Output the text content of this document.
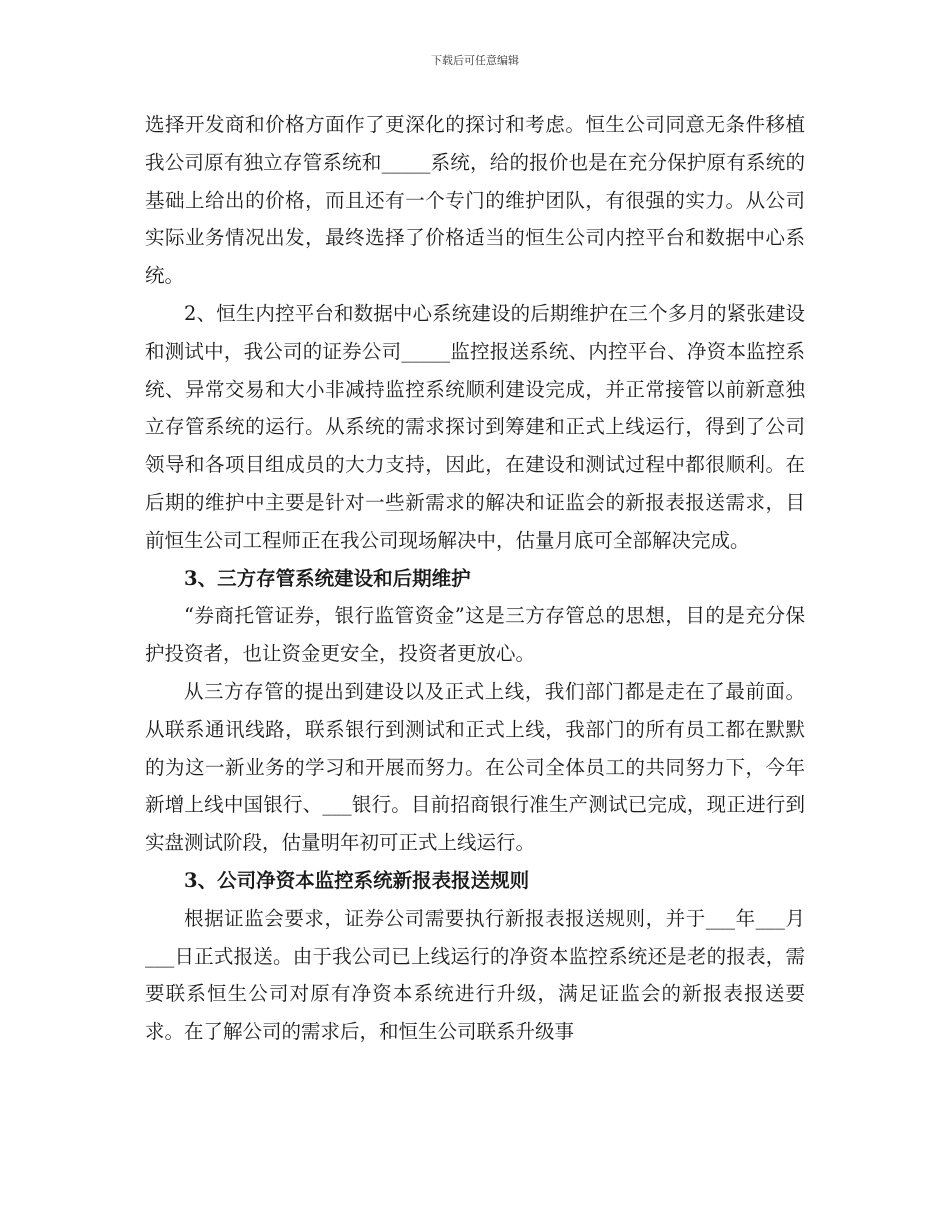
下载后可任意编辑

选择开发商和价格方面作了更深化的探讨和考虑。恒生公司同意无条件移植我公司原有独立存管系统和_____系统，给的报价也是在充分保护原有系统的基础上给出的价格，而且还有一个专门的维护团队，有很强的实力。从公司实际业务情况出发，最终选择了价格适当的恒生公司内控平台和数据中心系统。

2、恒生内控平台和数据中心系统建设的后期维护在三个多月的紧张建设和测试中，我公司的证券公司_____监控报送系统、内控平台、净资本监控系统、异常交易和大小非减持监控系统顺利建设完成，并正常接管以前新意独立存管系统的运行。从系统的需求探讨到筹建和正式上线运行，得到了公司领导和各项目组成员的大力支持，因此，在建设和测试过程中都很顺利。在后期的维护中主要是针对一些新需求的解决和证监会的新报表报送需求，目前恒生公司工程师正在我公司现场解决中，估量月底可全部解决完成。

3、三方存管系统建设和后期维护

“券商托管证券，银行监管资金”这是三方存管总的思想，目的是充分保护投资者，也让资金更安全，投资者更放心。

从三方存管的提出到建设以及正式上线，我们部门都是走在了最前面。从联系通讯线路，联系银行到测试和正式上线，我部门的所有员工都在默默的为这一新业务的学习和开展而努力。在公司全体员工的共同努力下，今年新增上线中国银行、___银行。目前招商银行准生产测试已完成，现正进行到实盘测试阶段，估量明年初可正式上线运行。

3、公司净资本监控系统新报表报送规则

根据证监会要求，证券公司需要执行新报表报送规则，并于___年___月___日正式报送。由于我公司已上线运行的净资本监控系统还是老的报表，需要联系恒生公司对原有净资本系统进行升级，满足证监会的新报表报送要求。在了解公司的需求后，和恒生公司联系升级事
